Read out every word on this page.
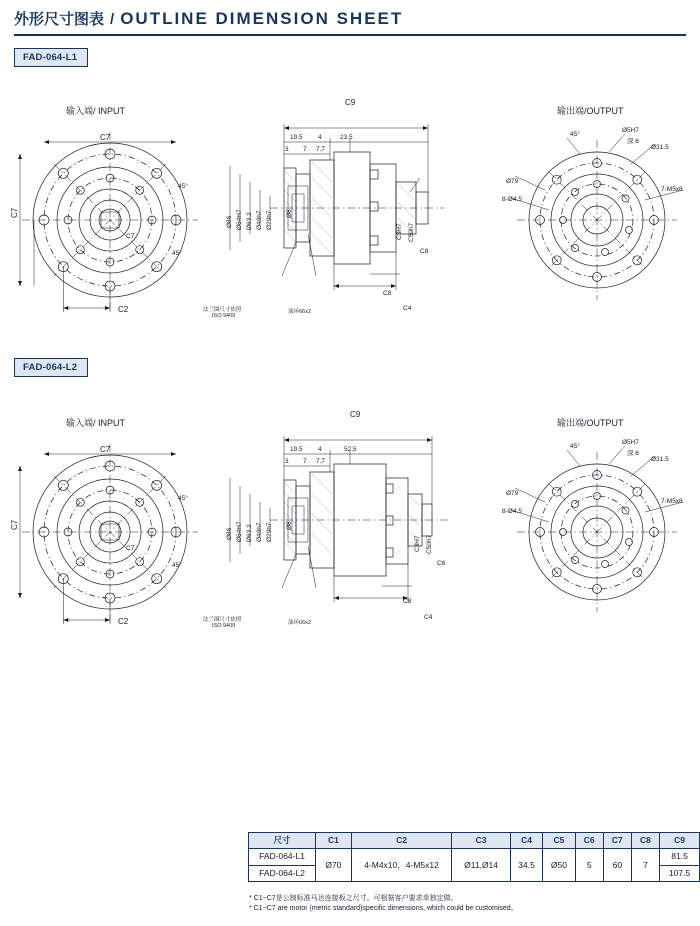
外形尺寸图表 / OUTLINE DIMENSION SHEET
FAD-064-L1
输入端/ INPUT	输出端/OUTPUT
C7
C7
C2
45°
45°
C7
C9
19.5 4	23.5
3 7 7.7
Ø86 Ø64H7 Ø63.2 Ø40h7 Ø20h7 Ø8
C3H7 C50h7
C8
C8
C4
法兰圈尺寸依照
ISO 9409
油环66x2
45°
Ø5H7
深 6
Ø31.5
Ø79
8-Ø4.5
7-M5x8
FAD-064-L2
输入端/ INPUT	输出端/OUTPUT
C7
C7
C2
45°
45°
C7
C9
19.5 4	52.5
3 7 7.7
Ø86 Ø64H7 Ø63.2 Ø40h7 Ø20h7 Ø8
C3H7 C50h7
C6
C8
C4
法兰圈尺寸依照
ISO 9409	油环66x2
45°
Ø5H7
深 6
Ø31.5
Ø79
8-Ø4.5
7-M5x8
尺寸	C1	C2	C3	C4	C5	C6	C7	C8	C9
FAD-064-L1	Ø70	4-M4x10，4-M5x12	Ø11,Ø14	34.5	Ø50	5	60	7	81.5
FAD-064-L2									107.5
* C1~C7是公制标准马达连接板之尺寸。可根据客户要求单独定做。
* C1~C7 are motor (metric standard)specific dimensions, which could be customised。
